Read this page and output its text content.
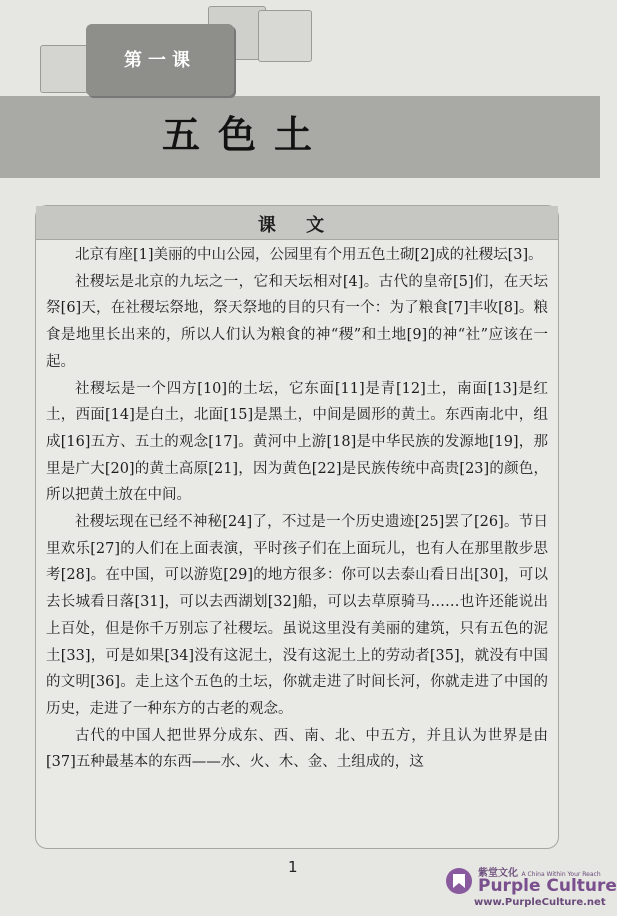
第一课
五色土
课 文

北京有座[1]美丽的中山公园，公园里有个用五色土砌[2]成的社稷坛[3]。

社稷坛是北京的九坛之一，它和天坛相对[4]。古代的皇帝[5]们，在天坛祭[6]天，在社稷坛祭地，祭天祭地的目的只有一个：为了粮食[7]丰收[8]。粮食是地里长出来的，所以人们认为粮食的神“稷”和土地[9]的神“社”应该在一起。

社稷坛是一个四方[10]的土坛，它东面[11]是青[12]土，南面[13]是红土，西面[14]是白土，北面[15]是黑土，中间是圆形的黄土。东西南北中，组成[16]五方、五土的观念[17]。黄河中上游[18]是中华民族的发源地[19]，那里是广大[20]的黄土高原[21]，因为黄色[22]是民族传统中高贵[23]的颜色，所以把黄土放在中间。

社稷坛现在已经不神秘[24]了，不过是一个历史遗迹[25]罢了[26]。节日里欢乐[27]的人们在上面表演，平时孩子们在上面玩儿，也有人在那里散步思考[28]。在中国，可以游览[29]的地方很多：你可以去泰山看日出[30]，可以去长城看日落[31]，可以去西湖划[32]船，可以去草原骑马……也许还能说出上百处，但是你千万别忘了社稷坛。虽说这里没有美丽的建筑，只有五色的泥土[33]，可是如果[34]没有这泥土，没有这泥土上的劳动者[35]，就没有中国的文明[36]。走上这个五色的土坛，你就走进了时间长河，你就走进了中国的历史，走进了一种东方的古老的观念。

古代的中国人把世界分成东、西、南、北、中五方，并且认为世界是由[37]五种最基本的东西——水、火、木、金、土组成的，这

1	紫堂文化 A China Within Your Reach
Purple Culture
www.PurpleCulture.net
